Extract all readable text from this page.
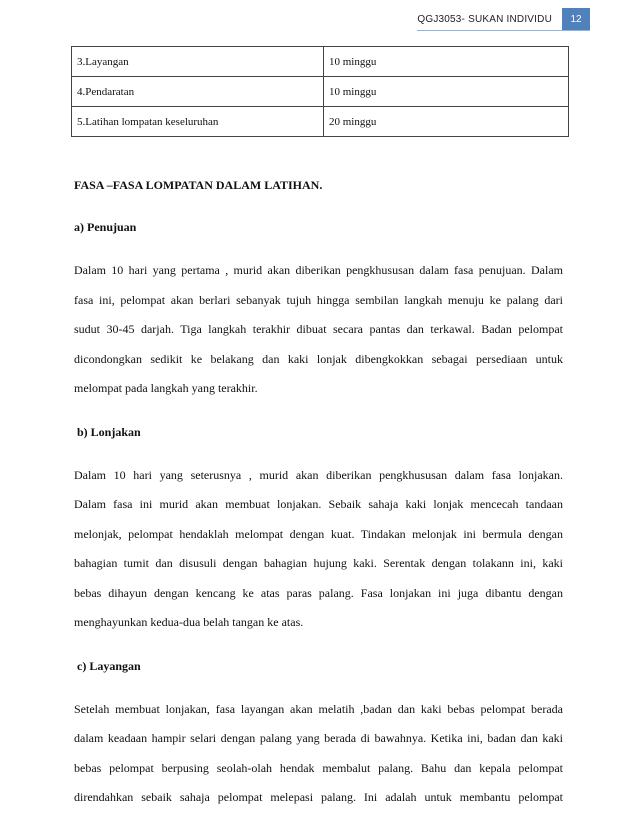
QGJ3053- SUKAN INDIVIDU	12
3.Layangan	10 minggu
4.Pendaratan	10 minggu
5.Latihan lompatan keseluruhan	20 minggu
FASA –FASA LOMPATAN DALAM LATIHAN.
a) Penujuan
Dalam 10 hari yang pertama , murid akan diberikan pengkhususan dalam fasa penujuan. Dalam
fasa ini, pelompat akan berlari sebanyak tujuh hingga sembilan langkah menuju ke palang dari
sudut 30-45 darjah. Tiga langkah terakhir dibuat secara pantas dan terkawal. Badan pelompat
dicondongkan sedikit ke belakang dan kaki lonjak dibengkokkan sebagai persediaan untuk
melompat pada langkah yang terakhir.
b) Lonjakan
Dalam 10 hari yang seterusnya , murid akan diberikan pengkhususan dalam fasa lonjakan.
Dalam fasa ini murid akan membuat lonjakan. Sebaik sahaja kaki lonjak mencecah tandaan
melonjak, pelompat hendaklah melompat dengan kuat. Tindakan melonjak ini bermula dengan
bahagian tumit dan disusuli dengan bahagian hujung kaki. Serentak dengan tolakann ini, kaki
bebas dihayun dengan kencang ke atas paras palang. Fasa lonjakan ini juga dibantu dengan
menghayunkan kedua-dua belah tangan ke atas.
c) Layangan
Setelah membuat lonjakan, fasa layangan akan melatih ,badan dan kaki bebas pelompat berada
dalam keadaan hampir selari dengan palang yang berada di bawahnya. Ketika ini, badan dan kaki
bebas pelompat berpusing seolah-olah hendak membalut palang. Bahu dan kepala pelompat
direndahkan sebaik sahaja pelompat melepasi palang. Ini adalah untuk membantu pelompat
